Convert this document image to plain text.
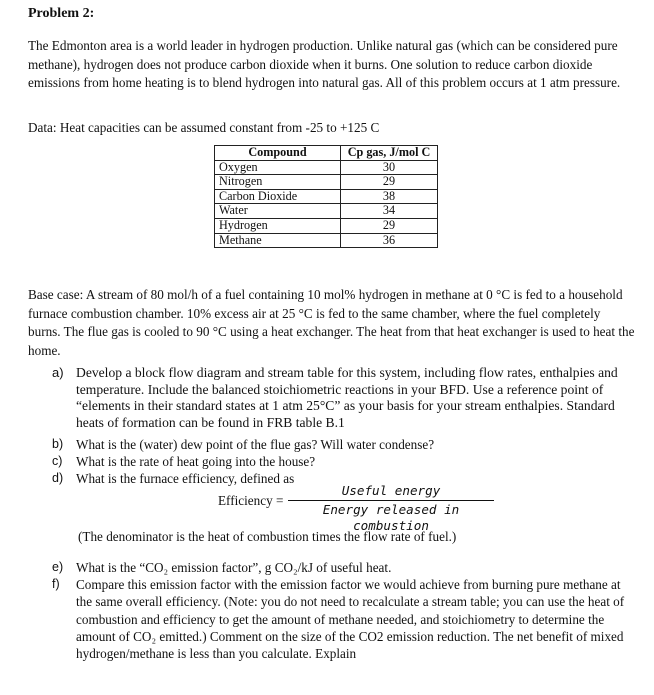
Problem 2:
The Edmonton area is a world leader in hydrogen production. Unlike natural gas (which can be considered pure methane), hydrogen does not produce carbon dioxide when it burns. One solution to reduce carbon dioxide emissions from home heating is to blend hydrogen into natural gas. All of this problem occurs at 1 atm pressure.
Data: Heat capacities can be assumed constant from -25 to +125 C
Compound	Cp gas, J/mol C
Oxygen	30
Nitrogen	29
Carbon Dioxide	38
Water	34
Hydrogen	29
Methane	36
Base case: A stream of 80 mol/h of a fuel containing 10 mol% hydrogen in methane at 0 °C is fed to a household furnace combustion chamber. 10% excess air at 25 °C is fed to the same chamber, where the fuel completely burns. The flue gas is cooled to 90 °C using a heat exchanger. The heat from that heat exchanger is used to heat the home.
a) Develop a block flow diagram and stream table for this system, including flow rates, enthalpies and temperature. Include the balanced stoichiometric reactions in your BFD. Use a reference point of “elements in their standard states at 1 atm 25°C” as your basis for your stream enthalpies. Standard heats of formation can be found in FRB table B.1
b) What is the (water) dew point of the flue gas? Will water condense?
c) What is the rate of heat going into the house?
d) What is the furnace efficiency, defined as
Efficiency =
Useful energy
Energy released in combustion
(The denominator is the heat of combustion times the flow rate of fuel.)
e) What is the “CO₂ emission factor”, g CO₂/kJ of useful heat.
f) Compare this emission factor with the emission factor we would achieve from burning pure methane at the same overall efficiency. (Note: you do not need to recalculate a stream table; you can use the heat of combustion and efficiency to get the amount of methane needed, and stoichiometry to determine the amount of CO₂ emitted.) Comment on the size of the CO2 emission reduction. The net benefit of mixed hydrogen/methane is less than you calculate. Explain
